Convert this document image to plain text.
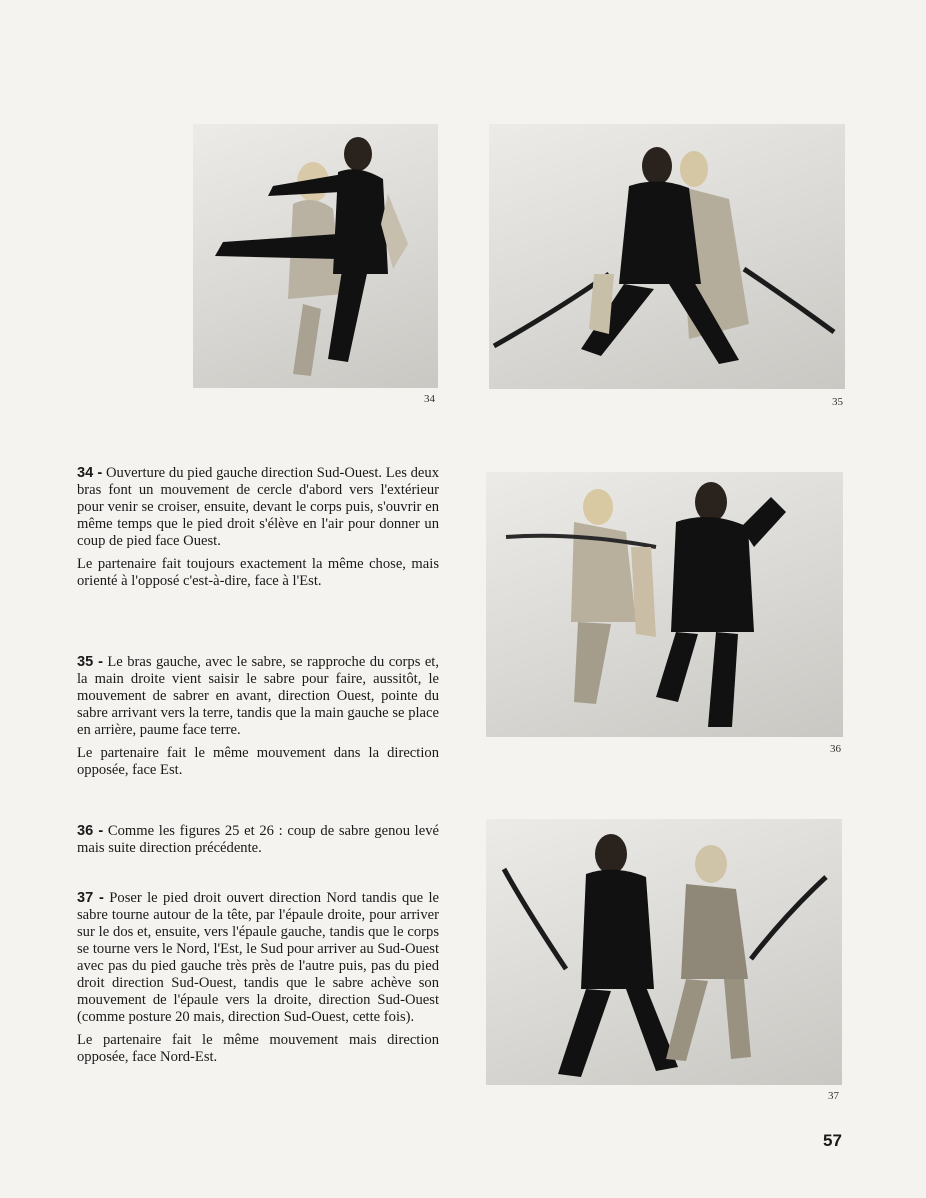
34	35
36
37

34 - Ouverture du pied gauche direction Sud-Ouest. Les deux bras font un mouvement de cercle d'abord vers l'extérieur pour venir se croiser, ensuite, devant le corps puis, s'ouvrir en même temps que le pied droit s'élève en l'air pour donner un coup de pied face Ouest.

Le partenaire fait toujours exactement la même chose, mais orienté à l'opposé c'est-à-dire, face à l'Est.

35 - Le bras gauche, avec le sabre, se rapproche du corps et, la main droite vient saisir le sabre pour faire, aussitôt, le mouvement de sabrer en avant, direction Ouest, pointe du sabre arrivant vers la terre, tandis que la main gauche se place en arrière, paume face terre.

Le partenaire fait le même mouvement dans la direction opposée, face Est.

36 - Comme les figures 25 et 26 : coup de sabre genou levé mais suite direction précédente.

37 - Poser le pied droit ouvert direction Nord tandis que le sabre tourne autour de la tête, par l'épaule droite, pour arriver sur le dos et, ensuite, vers l'épaule gauche, tandis que le corps se tourne vers le Nord, l'Est, le Sud pour arriver au Sud-Ouest avec pas du pied gauche très près de l'autre puis, pas du pied droit direction Sud-Ouest, tandis que le sabre achève son mouvement de l'épaule vers la droite, direction Sud-Ouest (comme posture 20 mais, direction Sud-Ouest, cette fois).

Le partenaire fait le même mouvement mais direction opposée, face Nord-Est.

57
